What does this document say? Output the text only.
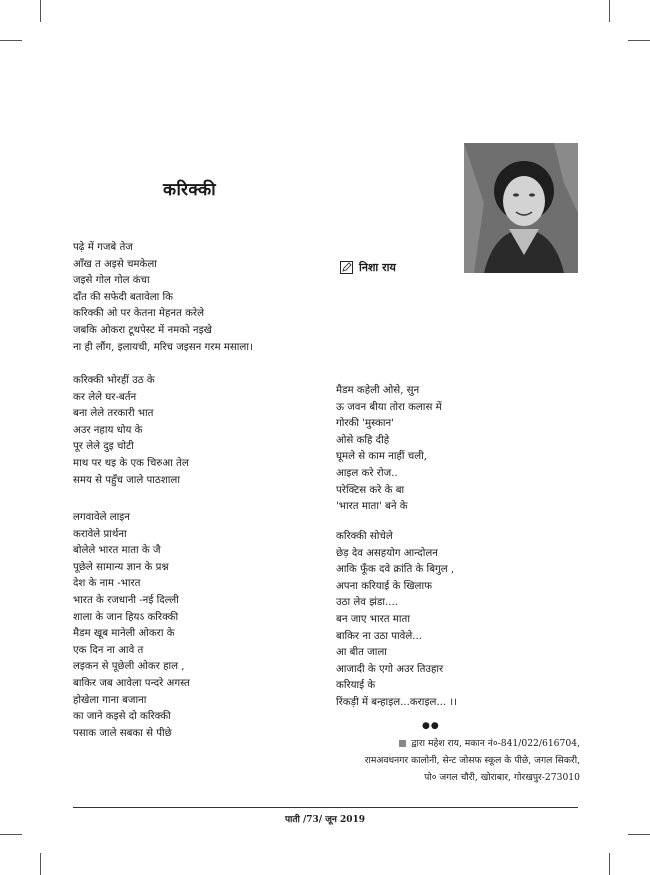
करिक्की
निशा राय
पढ़े में गजबे तेज
आँख त अइसे चमकेला
जइसे गोल गोल कंचा
दाँत की सफेदी बतावेला कि
करिक्की ओ पर केतना मेहनत करेले
जबकि ओकरा टूथपेस्ट में नमको नइखे
ना ही लौंग, इलायची, मरिच जइसन गरम मसाला।
करिक्की भोरहीं उठ के
कर लेले घर-बर्तन
बना लेले तरकारी भात
अउर नहाय धोय के
पूर लेले दुइ चोटी
माथ पर थइ के एक चिरुआ तेल
समय से पहुँच जाले पाठशाला
लगवावेले लाइन
करावेले प्रार्थना
बोलेले भारत माता के जै
पूछेले सामान्य ज्ञान के प्रश्न
देश के नाम -भारत
भारत के रजधानी -नई दिल्ली
शाला के जान हियऽ करिक्की
मैडम खूब मानेली ओकरा के
एक दिन ना आवे त
लइकन से पूछेली ओकर हाल ,
बाकिर जब आवेला पन्दरे अगस्त
होखेला गाना बजाना
का जाने कइसे दो करिक्की
पसाक जाले सबका से पीछे
मैडम कहेली ओसे, सुन
ऊ जवन बीया तोरा कलास में
गोरकी 'मुस्कान'
ओसे कहि दीहे
घूमले से काम नाहीं चली,
आइल करे रोज..
परेक्टिस करे के बा
'भारत माता' बने के
करिक्की सोचेले
छेड़ देव असहयोग आन्दोलन
आकि फूँक दवे क्रांति के बिगुल ,
अपना करियाई के खिलाफ
उठा लेव झंडा....
बन जाए भारत माता
बाकिर ना उठा पावेले...
आ बीत जाला
आजादी के एगो अउर तिउहार
करियाई के
रिंकड़ी में बन्हाइल...कराइल... ।।
●●
द्वारा महेश राय, मकान नं०-841/022/616704,
रामअवधनगर कालोनी, सेन्ट जोसफ स्कूल के पीछे, जगल सिकरी,
पो० जगल चौरी, खोराबार, गोरखपुर-273010
पाती /73/ जून 2019
